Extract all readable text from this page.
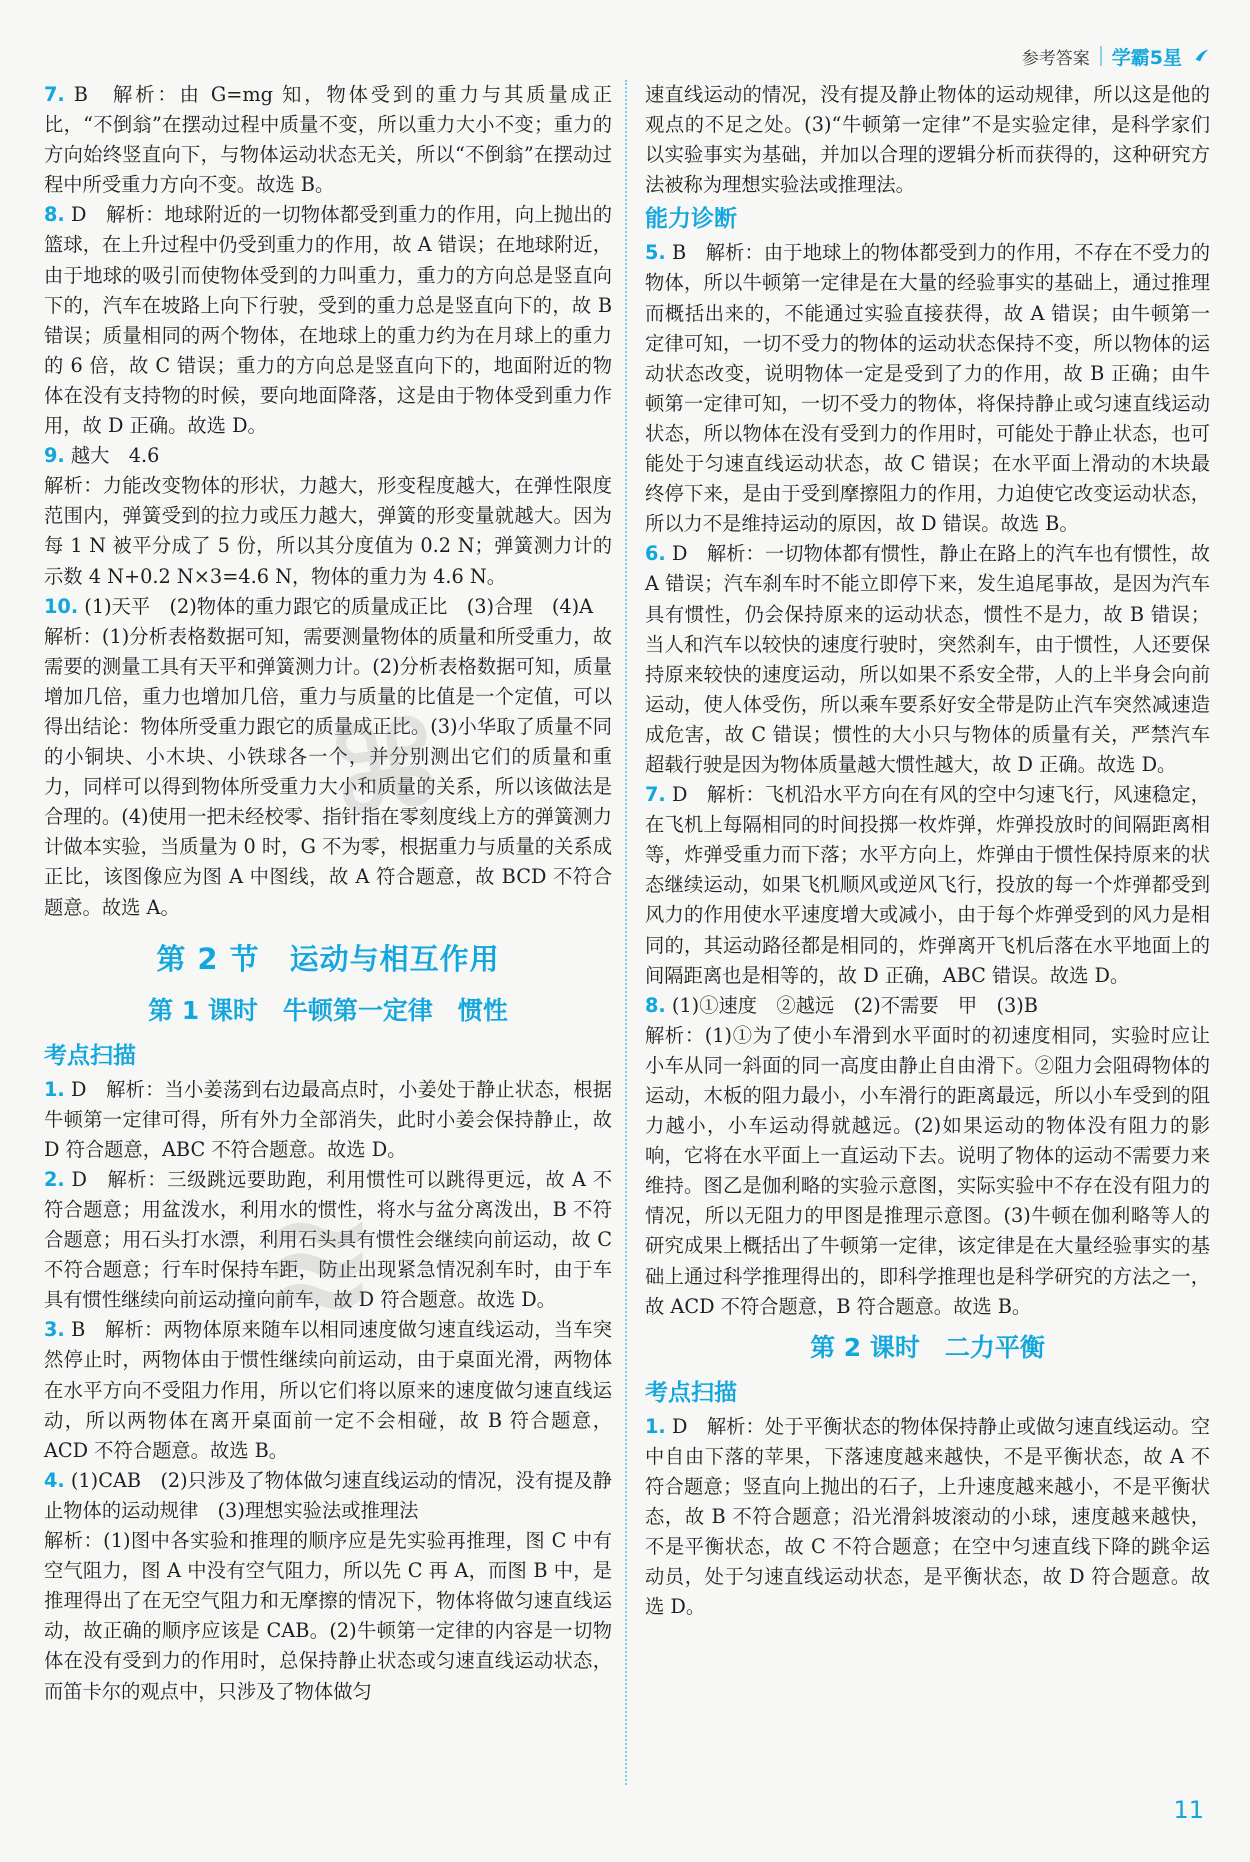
参考答案 学霸5星

7. B　解析：由 G=mg 知，物体受到的重力与其质量成正比，“不倒翁”在摆动过程中质量不变，所以重力大小不变；重力的方向始终竖直向下，与物体运动状态无关，所以“不倒翁”在摆动过程中所受重力方向不变。故选 B。

8. D　解析：地球附近的一切物体都受到重力的作用，向上抛出的篮球，在上升过程中仍受到重力的作用，故 A 错误；在地球附近，由于地球的吸引而使物体受到的力叫重力，重力的方向总是竖直向下的，汽车在坡路上向下行驶，受到的重力总是竖直向下的，故 B 错误；质量相同的两个物体，在地球上的重力约为在月球上的重力的 6 倍，故 C 错误；重力的方向总是竖直向下的，地面附近的物体在没有支持物的时候，要向地面降落，这是由于物体受到重力作用，故 D 正确。故选 D。

9. 越大　4.6

解析：力能改变物体的形状，力越大，形变程度越大，在弹性限度范围内，弹簧受到的拉力或压力越大，弹簧的形变量就越大。因为每 1 N 被平分成了 5 份，所以其分度值为 0.2 N；弹簧测力计的示数 4 N+0.2 N×3=4.6 N，物体的重力为 4.6 N。

10. (1)天平　(2)物体的重力跟它的质量成正比　(3)合理　(4)A

解析：(1)分析表格数据可知，需要测量物体的质量和所受重力，故需要的测量工具有天平和弹簧测力计。(2)分析表格数据可知，质量增加几倍，重力也增加几倍，重力与质量的比值是一个定值，可以得出结论：物体所受重力跟它的质量成正比。(3)小华取了质量不同的小铜块、小木块、小铁球各一个，并分别测出它们的质量和重力，同样可以得到物体所受重力大小和质量的关系，所以该做法是合理的。(4)使用一把未经校零、指针指在零刻度线上方的弹簧测力计做本实验，当质量为 0 时，G 不为零，根据重力与质量的关系成正比，该图像应为图 A 中图线，故 A 符合题意，故 BCD 不符合题意。故选 A。

第 2 节　运动与相互作用
第 1 课时　牛顿第一定律　惯性
考点扫描

1. D　解析：当小姜荡到右边最高点时，小姜处于静止状态，根据牛顿第一定律可得，所有外力全部消失，此时小姜会保持静止，故 D 符合题意，ABC 不符合题意。故选 D。

2. D　解析：三级跳远要助跑，利用惯性可以跳得更远，故 A 不符合题意；用盆泼水，利用水的惯性，将水与盆分离泼出，B 不符合题意；用石头打水漂，利用石头具有惯性会继续向前运动，故 C 不符合题意；行车时保持车距，防止出现紧急情况刹车时，由于车具有惯性继续向前运动撞向前车，故 D 符合题意。故选 D。

3. B　解析：两物体原来随车以相同速度做匀速直线运动，当车突然停止时，两物体由于惯性继续向前运动，由于桌面光滑，两物体在水平方向不受阻力作用，所以它们将以原来的速度做匀速直线运动，所以两物体在离开桌面前一定不会相碰，故 B 符合题意，ACD 不符合题意。故选 B。

4. (1)CAB　(2)只涉及了物体做匀速直线运动的情况，没有提及静止物体的运动规律　(3)理想实验法或推理法

解析：(1)图中各实验和推理的顺序应是先实验再推理，图 C 中有空气阻力，图 A 中没有空气阻力，所以先 C 再 A，而图 B 中，是推理得出了在无空气阻力和无摩擦的情况下，物体将做匀速直线运动，故正确的顺序应该是 CAB。(2)牛顿第一定律的内容是一切物体在没有受到力的作用时，总保持静止状态或匀速直线运动状态，而笛卡尔的观点中，只涉及了物体做匀

速直线运动的情况，没有提及静止物体的运动规律，所以这是他的观点的不足之处。(3)“牛顿第一定律”不是实验定律，是科学家们以实验事实为基础，并加以合理的逻辑分析而获得的，这种研究方法被称为理想实验法或推理法。

能力诊断

5. B　解析：由于地球上的物体都受到力的作用，不存在不受力的物体，所以牛顿第一定律是在大量的经验事实的基础上，通过推理而概括出来的，不能通过实验直接获得，故 A 错误；由牛顿第一定律可知，一切不受力的物体的运动状态保持不变，所以物体的运动状态改变，说明物体一定是受到了力的作用，故 B 正确；由牛顿第一定律可知，一切不受力的物体，将保持静止或匀速直线运动状态，所以物体在没有受到力的作用时，可能处于静止状态，也可能处于匀速直线运动状态，故 C 错误；在水平面上滑动的木块最终停下来，是由于受到摩擦阻力的作用，力迫使它改变运动状态，所以力不是维持运动的原因，故 D 错误。故选 B。

6. D　解析：一切物体都有惯性，静止在路上的汽车也有惯性，故 A 错误；汽车刹车时不能立即停下来，发生追尾事故，是因为汽车具有惯性，仍会保持原来的运动状态，惯性不是力，故 B 错误；当人和汽车以较快的速度行驶时，突然刹车，由于惯性，人还要保持原来较快的速度运动，所以如果不系安全带，人的上半身会向前运动，使人体受伤，所以乘车要系好安全带是防止汽车突然减速造成危害，故 C 错误；惯性的大小只与物体的质量有关，严禁汽车超载行驶是因为物体质量越大惯性越大，故 D 正确。故选 D。

7. D　解析：飞机沿水平方向在有风的空中匀速飞行，风速稳定，在飞机上每隔相同的时间投掷一枚炸弹，炸弹投放时的间隔距离相等，炸弹受重力而下落；水平方向上，炸弹由于惯性保持原来的状态继续运动，如果飞机顺风或逆风飞行，投放的每一个炸弹都受到风力的作用使水平速度增大或减小，由于每个炸弹受到的风力是相同的，其运动路径都是相同的，炸弹离开飞机后落在水平地面上的间隔距离也是相等的，故 D 正确，ABC 错误。故选 D。

8. (1)①速度　②越远　(2)不需要　甲　(3)B

解析：(1)①为了使小车滑到水平面时的初速度相同，实验时应让小车从同一斜面的同一高度由静止自由滑下。②阻力会阻碍物体的运动，木板的阻力最小，小车滑行的距离最远，所以小车受到的阻力越小，小车运动得就越远。(2)如果运动的物体没有阻力的影响，它将在水平面上一直运动下去。说明了物体的运动不需要力来维持。图乙是伽利略的实验示意图，实际实验中不存在没有阻力的情况，所以无阻力的甲图是推理示意图。(3)牛顿在伽利略等人的研究成果上概括出了牛顿第一定律，该定律是在大量经验事实的基础上通过科学推理得出的，即科学推理也是科学研究的方法之一，故 ACD 不符合题意，B 符合题意。故选 B。

第 2 课时　二力平衡
考点扫描

1. D　解析：处于平衡状态的物体保持静止或做匀速直线运动。空中自由下落的苹果，下落速度越来越快，不是平衡状态，故 A 不符合题意；竖直向上抛出的石子，上升速度越来越小，不是平衡状态，故 B 不符合题意；沿光滑斜坡滚动的小球，速度越来越快，不是平衡状态，故 C 不符合题意；在空中匀速直线下降的跳伞运动员，处于匀速直线运动状态，是平衡状态，故 D 符合题意。故选 D。

11
⌘
≋
